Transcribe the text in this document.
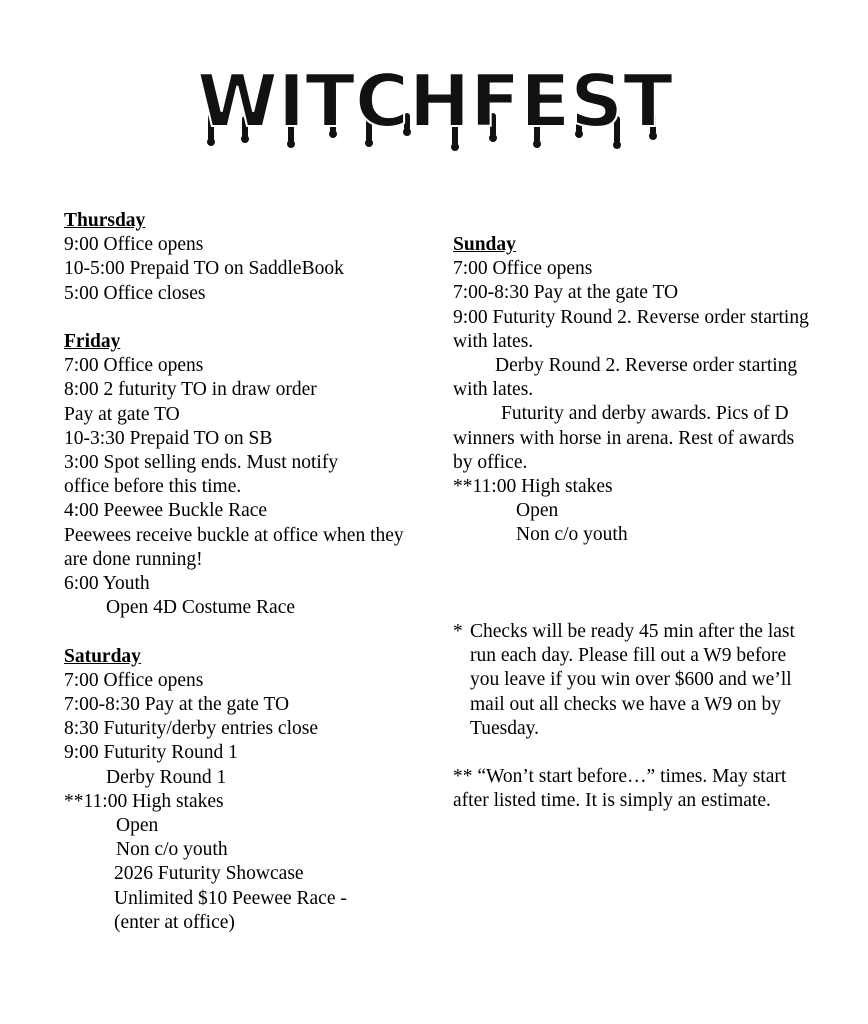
WITCHFEST
Thursday
9:00 Office opens
10-5:00 Prepaid TO on SaddleBook
5:00 Office closes
Friday
7:00 Office opens
8:00 2 futurity TO in draw order
Pay at gate TO
10-3:30 Prepaid TO on SB
3:00 Spot selling ends. Must notify office before this time.
4:00 Peewee Buckle Race
Peewees receive buckle at office when they are done running!
6:00 Youth
Open 4D Costume Race
Saturday
7:00 Office opens
7:00-8:30 Pay at the gate TO
8:30 Futurity/derby entries close
9:00 Futurity Round 1
Derby Round 1
**11:00 High stakes
Open
Non c/o youth
2026 Futurity Showcase
Unlimited $10 Peewee Race -
(enter at office)
Sunday
7:00 Office opens
7:00-8:30 Pay at the gate TO
9:00 Futurity Round 2. Reverse order starting with lates.
Derby Round 2. Reverse order starting with lates.
Futurity and derby awards. Pics of D winners with horse in arena. Rest of awards by office.
**11:00 High stakes
Open
Non c/o youth
* Checks will be ready 45 min after the last run each day. Please fill out a W9 before you leave if you win over $600 and we’ll mail out all checks we have a W9 on by Tuesday.
** “Won’t start before…” times. May start after listed time. It is simply an estimate.
